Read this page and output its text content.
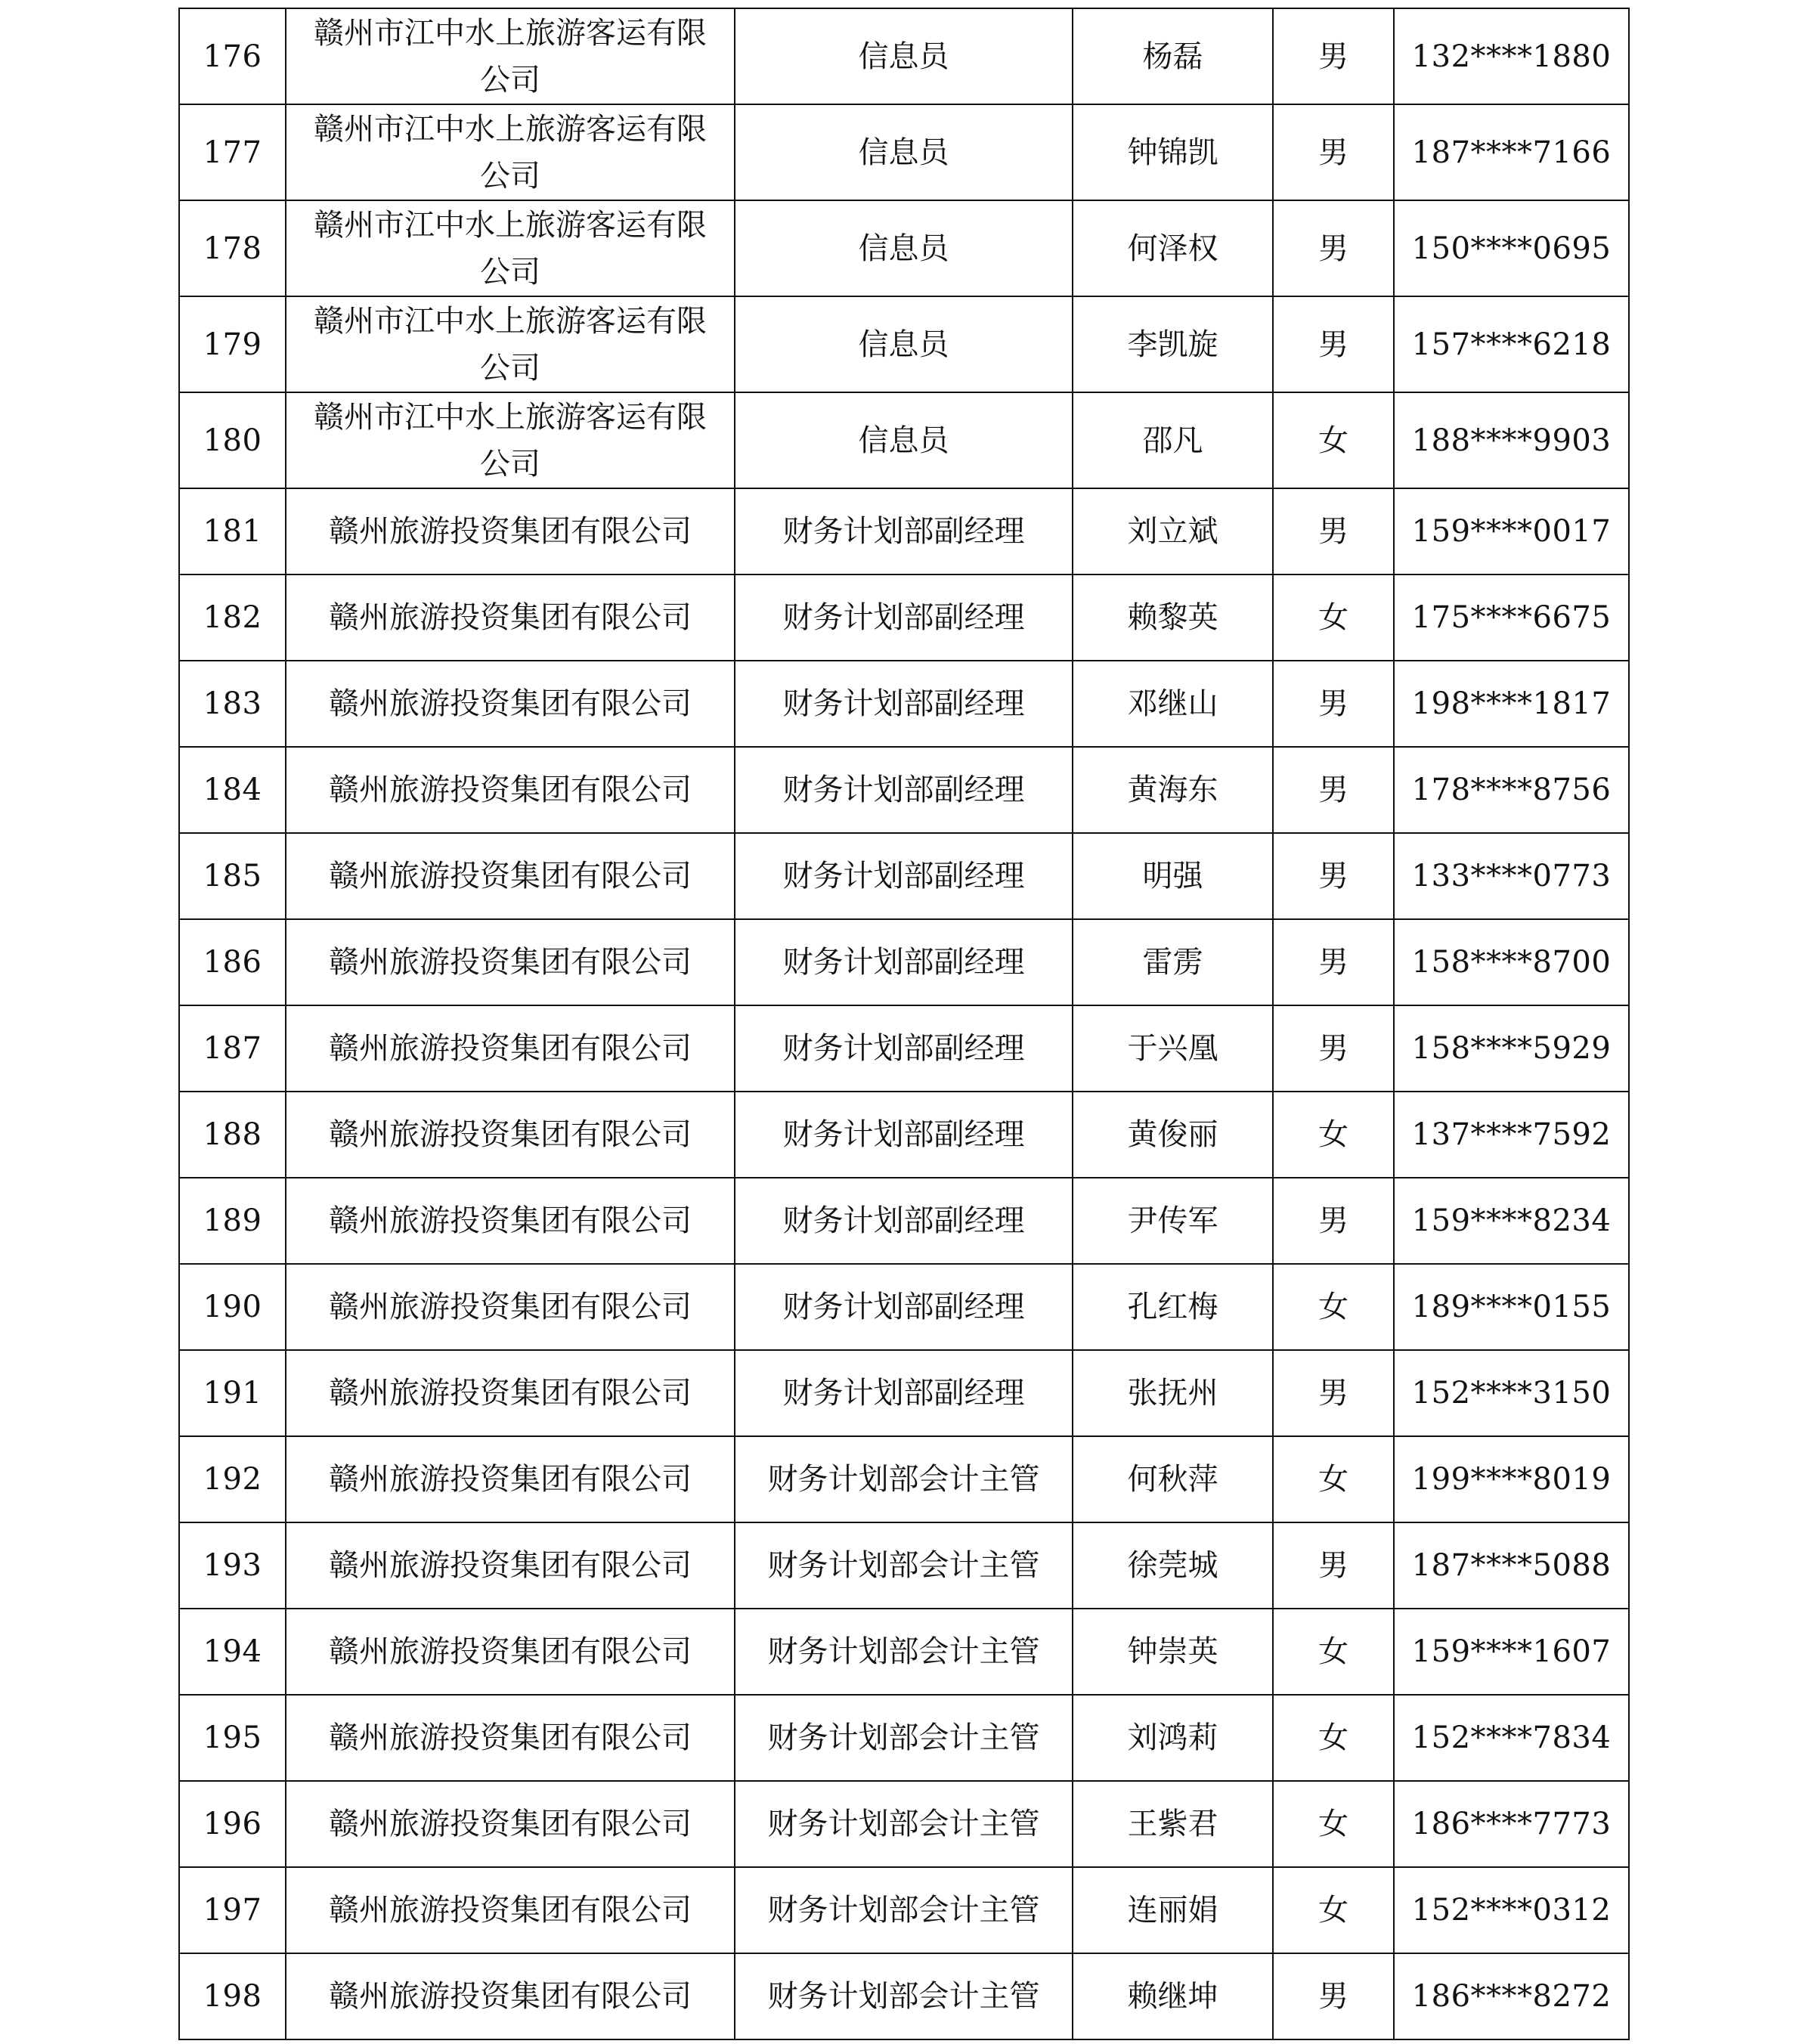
176	赣州市江中水上旅游客运有限公司	信息员	杨磊	男	132****1880
177	赣州市江中水上旅游客运有限公司	信息员	钟锦凯	男	187****7166
178	赣州市江中水上旅游客运有限公司	信息员	何泽权	男	150****0695
179	赣州市江中水上旅游客运有限公司	信息员	李凯旋	男	157****6218
180	赣州市江中水上旅游客运有限公司	信息员	邵凡	女	188****9903
181	赣州旅游投资集团有限公司	财务计划部副经理	刘立斌	男	159****0017
182	赣州旅游投资集团有限公司	财务计划部副经理	赖黎英	女	175****6675
183	赣州旅游投资集团有限公司	财务计划部副经理	邓继山	男	198****1817
184	赣州旅游投资集团有限公司	财务计划部副经理	黄海东	男	178****8756
185	赣州旅游投资集团有限公司	财务计划部副经理	明强	男	133****0773
186	赣州旅游投资集团有限公司	财务计划部副经理	雷雳	男	158****8700
187	赣州旅游投资集团有限公司	财务计划部副经理	于兴凰	男	158****5929
188	赣州旅游投资集团有限公司	财务计划部副经理	黄俊丽	女	137****7592
189	赣州旅游投资集团有限公司	财务计划部副经理	尹传军	男	159****8234
190	赣州旅游投资集团有限公司	财务计划部副经理	孔红梅	女	189****0155
191	赣州旅游投资集团有限公司	财务计划部副经理	张抚州	男	152****3150
192	赣州旅游投资集团有限公司	财务计划部会计主管	何秋萍	女	199****8019
193	赣州旅游投资集团有限公司	财务计划部会计主管	徐莞城	男	187****5088
194	赣州旅游投资集团有限公司	财务计划部会计主管	钟崇英	女	159****1607
195	赣州旅游投资集团有限公司	财务计划部会计主管	刘鸿莉	女	152****7834
196	赣州旅游投资集团有限公司	财务计划部会计主管	王紫君	女	186****7773
197	赣州旅游投资集团有限公司	财务计划部会计主管	连丽娟	女	152****0312
198	赣州旅游投资集团有限公司	财务计划部会计主管	赖继坤	男	186****8272
